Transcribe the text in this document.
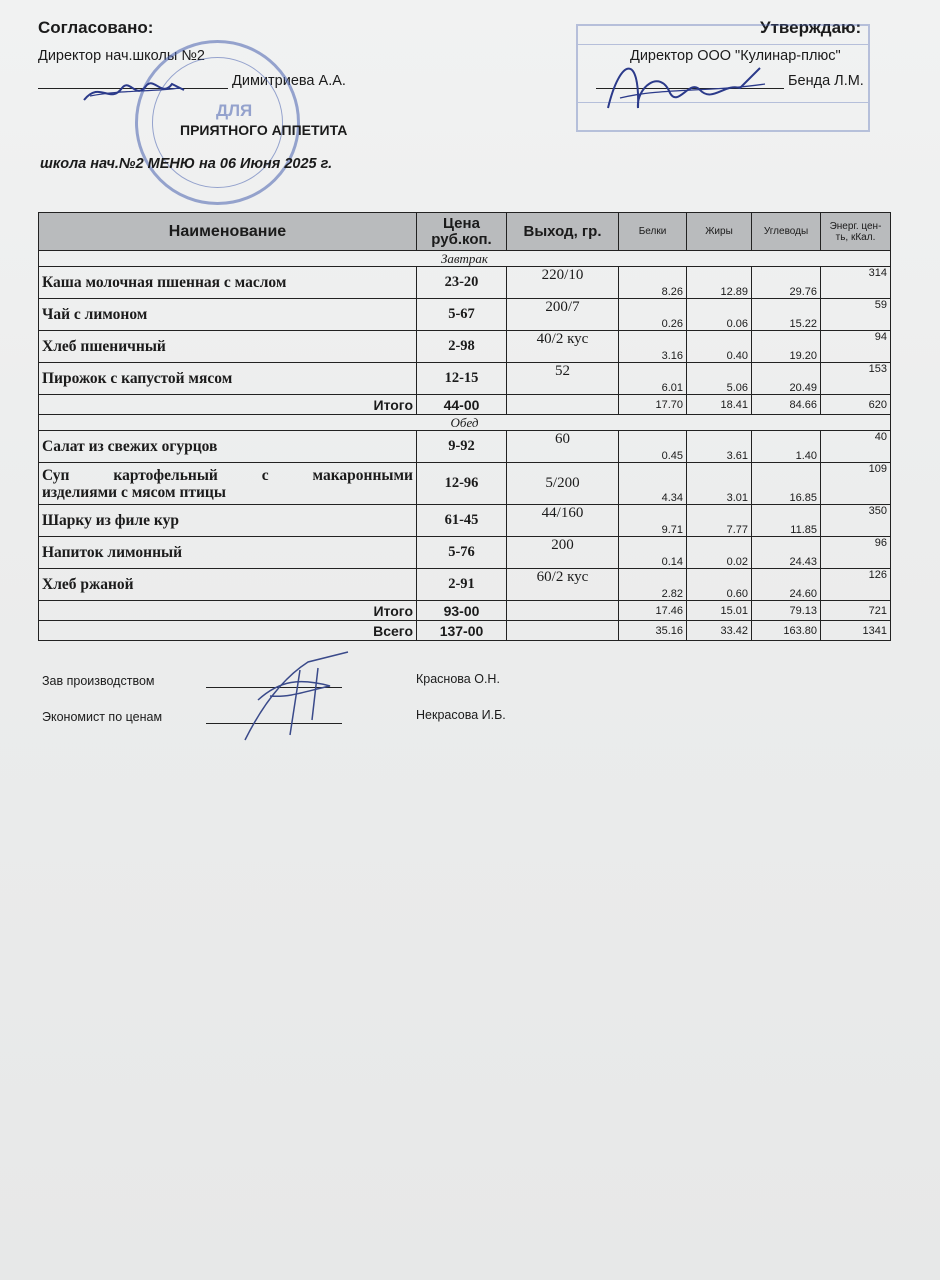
Согласовано:
Директор нач.школы №2
Димитриева А.А.
Утверждаю:
Директор ООО "Кулинар-плюс"
Бенда Л.М.
ДЛЯ
ПРИЯТНОГО АППЕТИТА
школа нач.№2 МЕНЮ на 06 Июня 2025 г.
Наименование	Цена руб.коп.	Выход, гр.	Белки	Жиры	Углеводы	Энерг. цен-ть, кКал.
Завтрак						
Каша молочная пшенная с маслом	23-20	220/10	8.26	12.89	29.76	314
Чай с лимоном	5-67	200/7	0.26	0.06	15.22	59
Хлеб пшеничный	2-98	40/2 кус	3.16	0.40	19.20	94
Пирожок с капустой мясом	12-15	52	6.01	5.06	20.49	153
Итого	44-00		17.70	18.41	84.66	620
Обед						
Салат из свежих огурцов	9-92	60	0.45	3.61	1.40	40

Суп картофельный с макаронными
изделиями с мясом птицы	12-96	5/200	4.34	3.01	16.85	109
Шарку из филе кур	61-45	44/160	9.71	7.77	11.85	350
Напиток лимонный	5-76	200	0.14	0.02	24.43	96
Хлеб ржаной	2-91	60/2 кус	2.82	0.60	24.60	126
Итого	93-00		17.46	15.01	79.13	721
Всего	137-00		35.16	33.42	163.80	1341
Зав производством	Краснова О.Н.
Экономист по ценам	Некрасова И.Б.
